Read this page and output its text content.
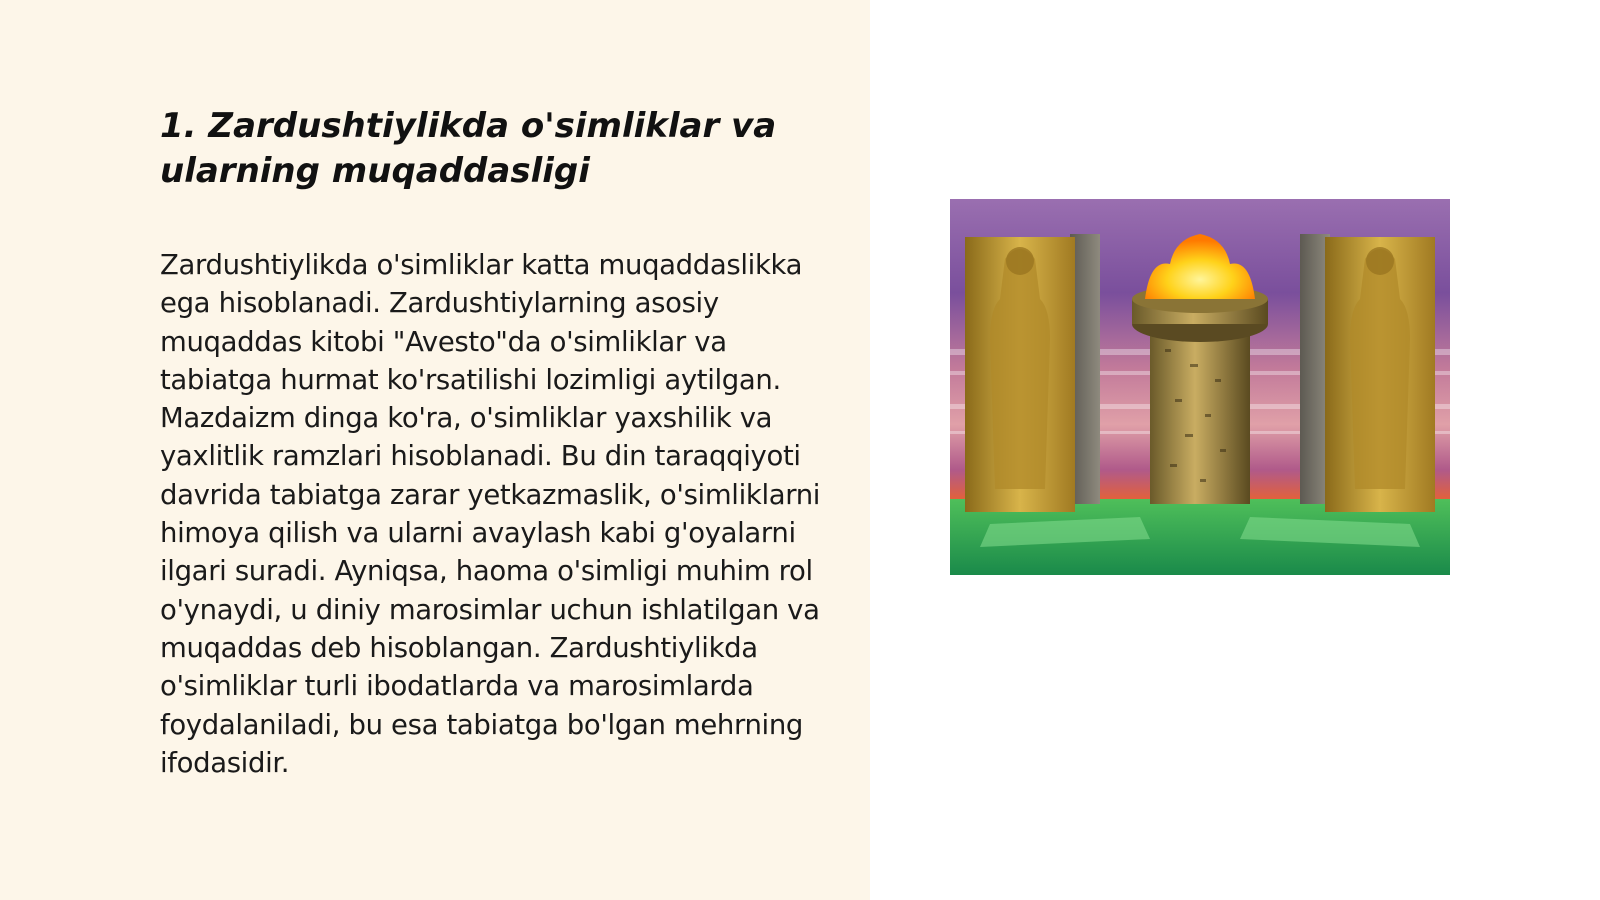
1. Zardushtiylikda o'simliklar va ularning muqaddasligi

Zardushtiylikda o'simliklar katta muqaddaslikka ega hisoblanadi. Zardushtiylarning asosiy muqaddas kitobi "Avesto"da o'simliklar va tabiatga hurmat ko'rsatilishi lozimligi aytilgan. Mazdaizm dinga ko'ra, o'simliklar yaxshilik va yaxlitlik ramzlari hisoblanadi. Bu din taraqqiyoti davrida tabiatga zarar yetkazmaslik, o'simliklarni himoya qilish va ularni avaylash kabi g'oyalarni ilgari suradi. Ayniqsa, haoma o'simligi muhim rol o'ynaydi, u diniy marosimlar uchun ishlatilgan va muqaddas deb hisoblangan. Zardushtiylikda o'simliklar turli ibodatlarda va marosimlarda foydalaniladi, bu esa tabiatga bo'lgan mehrning ifodasidir.
